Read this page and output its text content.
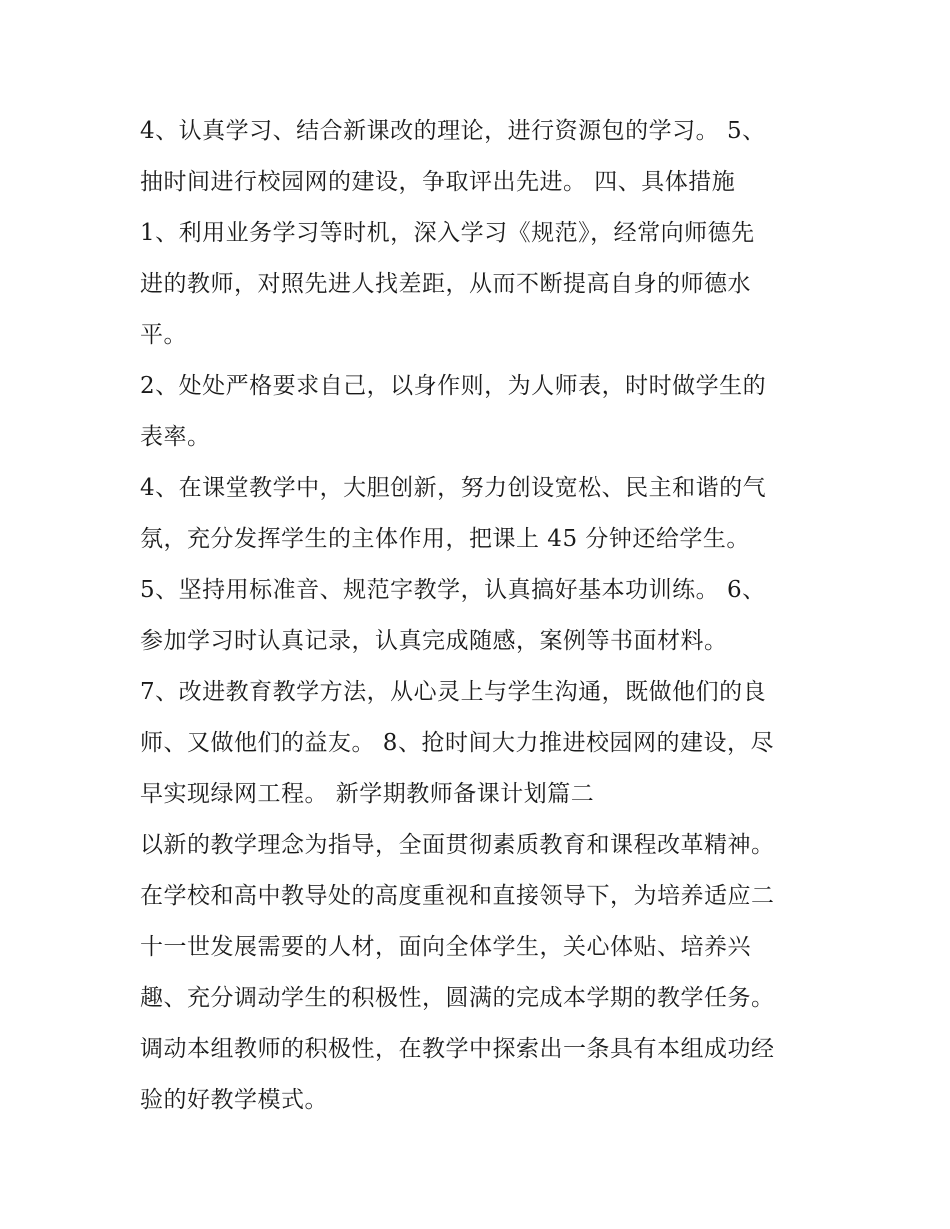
4、认真学习、结合新课改的理论，进行资源包的学习。 5、
抽时间进行校园网的建设，争取评出先进。 四、具体措施
1、利用业务学习等时机，深入学习《规范》，经常向师德先
进的教师，对照先进人找差距，从而不断提高自身的师德水
平。
2、处处严格要求自己，以身作则，为人师表，时时做学生的
表率。
4、在课堂教学中，大胆创新，努力创设宽松、民主和谐的气
氛，充分发挥学生的主体作用，把课上 45 分钟还给学生。
5、坚持用标准音、规范字教学，认真搞好基本功训练。 6、
参加学习时认真记录，认真完成随感，案例等书面材料。
7、改进教育教学方法，从心灵上与学生沟通，既做他们的良
师、又做他们的益友。 8、抢时间大力推进校园网的建设，尽
早实现绿网工程。 新学期教师备课计划篇二
以新的教学理念为指导，全面贯彻素质教育和课程改革精神。
在学校和高中教导处的高度重视和直接领导下，为培养适应二
十一世发展需要的人材，面向全体学生，关心体贴、培养兴
趣、充分调动学生的积极性，圆满的完成本学期的教学任务。
调动本组教师的积极性，在教学中探索出一条具有本组成功经
验的好教学模式。
